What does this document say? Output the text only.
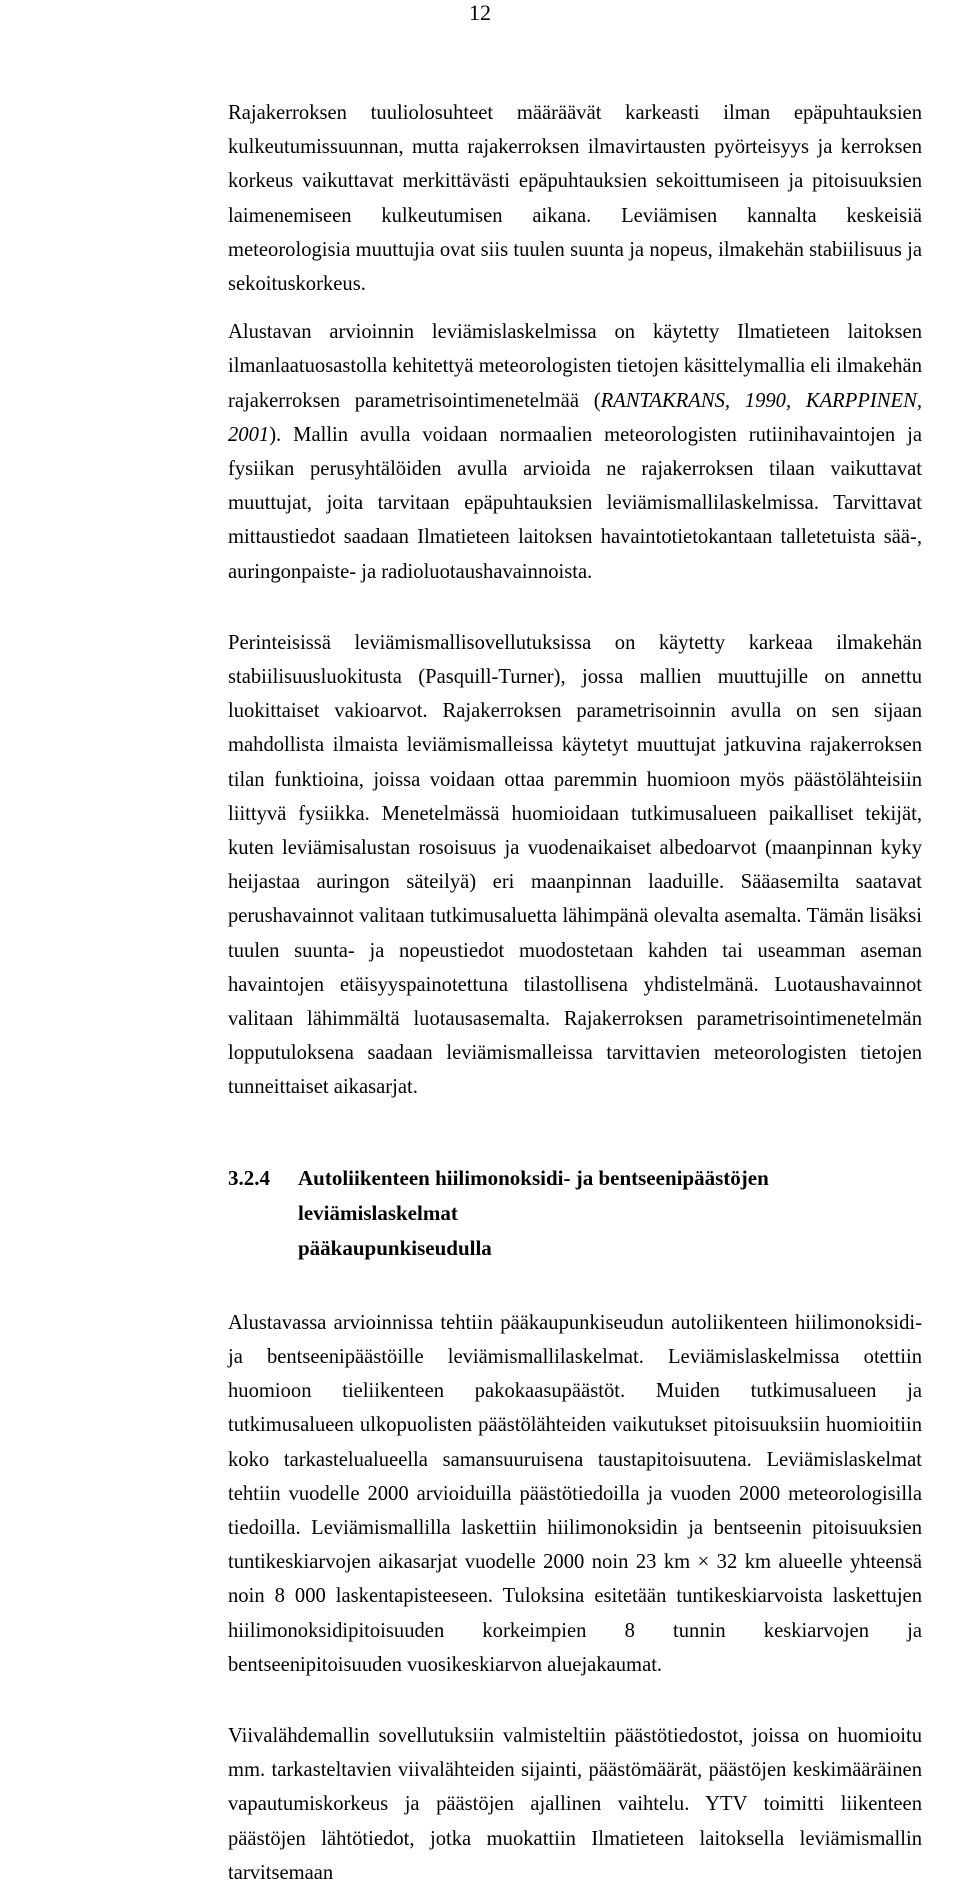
12

Rajakerroksen tuuliolosuhteet määräävät karkeasti ilman epäpuhtauksien kulkeutumissuunnan, mutta rajakerroksen ilmavirtausten pyörteisyys ja kerroksen korkeus vaikuttavat merkittävästi epäpuhtauksien sekoittumiseen ja pitoisuuksien laimenemiseen kulkeutumisen aikana. Leviämisen kannalta keskeisiä meteorologisia muuttujia ovat siis tuulen suunta ja nopeus, ilmakehän stabiilisuus ja sekoituskorkeus.

Alustavan arvioinnin leviämislaskelmissa on käytetty Ilmatieteen laitoksen ilmanlaatuosastolla kehitettyä meteorologisten tietojen käsittelymallia eli ilmakehän rajakerroksen parametrisointimenetelmää (RANTAKRANS, 1990, KARPPINEN, 2001). Mallin avulla voidaan normaalien meteorologisten rutiinihavaintojen ja fysiikan perusyhtälöiden avulla arvioida ne rajakerroksen tilaan vaikuttavat muuttujat, joita tarvitaan epäpuhtauksien leviämismallilaskelmissa. Tarvittavat mittaustiedot saadaan Ilmatieteen laitoksen havaintotietokantaan talletetuista sää-, auringonpaiste- ja radioluotaushavainnoista.

Perinteisissä leviämismallisovellutuksissa on käytetty karkeaa ilmakehän stabiilisuusluokitusta (Pasquill-Turner), jossa mallien muuttujille on annettu luokittaiset vakioarvot. Rajakerroksen parametrisoinnin avulla on sen sijaan mahdollista ilmaista leviämismalleissa käytetyt muuttujat jatkuvina rajakerroksen tilan funktioina, joissa voidaan ottaa paremmin huomioon myös päästölähteisiin liittyvä fysiikka. Menetelmässä huomioidaan tutkimusalueen paikalliset tekijät, kuten leviämisalustan rosoisuus ja vuodenaikaiset albedoarvot (maanpinnan kyky heijastaa auringon säteilyä) eri maanpinnan laaduille. Sääasemilta saatavat perushavainnot valitaan tutkimusaluetta lähimpänä olevalta asemalta. Tämän lisäksi tuulen suunta- ja nopeustiedot muodostetaan kahden tai useamman aseman havaintojen etäisyyspainotettuna tilastollisena yhdistelmänä. Luotaushavainnot valitaan lähimmältä luotausasemalta. Rajakerroksen parametrisointimenetelmän lopputuloksena saadaan leviämismalleissa tarvittavien meteorologisten tietojen tunneittaiset aikasarjat.

3.2.4	Autoliikenteen hiilimonoksidi- ja bentseenipäästöjen leviämislaskelmat
pääkaupunkiseudulla

Alustavassa arvioinnissa tehtiin pääkaupunkiseudun autoliikenteen hiilimonoksidi- ja bentseenipäästöille leviämismallilaskelmat. Leviämislaskelmissa otettiin huomioon tieliikenteen pakokaasupäästöt. Muiden tutkimusalueen ja tutkimusalueen ulkopuolisten päästölähteiden vaikutukset pitoisuuksiin huomioitiin koko tarkastelualueella samansuuruisena taustapitoisuutena. Leviämislaskelmat tehtiin vuodelle 2000 arvioiduilla päästötiedoilla ja vuoden 2000 meteorologisilla tiedoilla. Leviämismallilla laskettiin hiilimonoksidin ja bentseenin pitoisuuksien tuntikeskiarvojen aikasarjat vuodelle 2000 noin 23 km × 32 km alueelle yhteensä noin 8 000 laskentapisteeseen. Tuloksina esitetään tuntikeskiarvoista laskettujen hiilimonoksidipitoisuuden korkeimpien 8 tunnin keskiarvojen ja bentseenipitoisuuden vuosikeskiarvon aluejakaumat.

Viivalähdemallin sovellutuksiin valmisteltiin päästötiedostot, joissa on huomioitu mm. tarkasteltavien viivalähteiden sijainti, päästömäärät, päästöjen keskimääräinen vapautumiskorkeus ja päästöjen ajallinen vaihtelu. YTV toimitti liikenteen päästöjen lähtötiedot, jotka muokattiin Ilmatieteen laitoksella leviämismallin tarvitsemaan
